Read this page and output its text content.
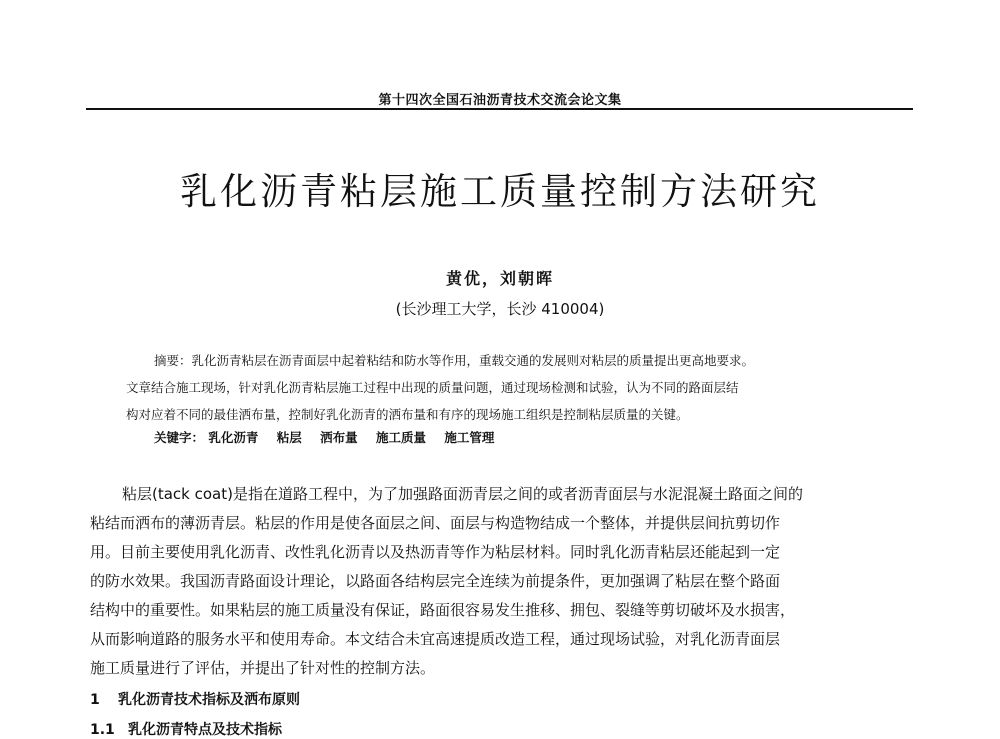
第十四次全国石油沥青技术交流会论文集
乳化沥青粘层施工质量控制方法研究
黄优，刘朝晖
(长沙理工大学，长沙 410004)
摘要：乳化沥青粘层在沥青面层中起着粘结和防水等作用，重载交通的发展则对粘层的质量提出更高地要求。
文章结合施工现场，针对乳化沥青粘层施工过程中出现的质量问题，通过现场检测和试验，认为不同的路面层结
构对应着不同的最佳洒布量，控制好乳化沥青的洒布量和有序的现场施工组织是控制粘层质量的关键。
关键字： 乳化沥青 粘层 洒布量 施工质量 施工管理
粘层(tack coat)是指在道路工程中，为了加强路面沥青层之间的或者沥青面层与水泥混凝土路面之间的
粘结而洒布的薄沥青层。粘层的作用是使各面层之间、面层与构造物结成一个整体，并提供层间抗剪切作
用。目前主要使用乳化沥青、改性乳化沥青以及热沥青等作为粘层材料。同时乳化沥青粘层还能起到一定
的防水效果。我国沥青路面设计理论，以路面各结构层完全连续为前提条件，更加强调了粘层在整个路面
结构中的重要性。如果粘层的施工质量没有保证，路面很容易发生推移、拥包、裂缝等剪切破坏及水损害，
从而影响道路的服务水平和使用寿命。本文结合未宜高速提质改造工程，通过现场试验，对乳化沥青面层
施工质量进行了评估，并提出了针对性的控制方法。
1 乳化沥青技术指标及洒布原则
1.1 乳化沥青特点及技术指标
